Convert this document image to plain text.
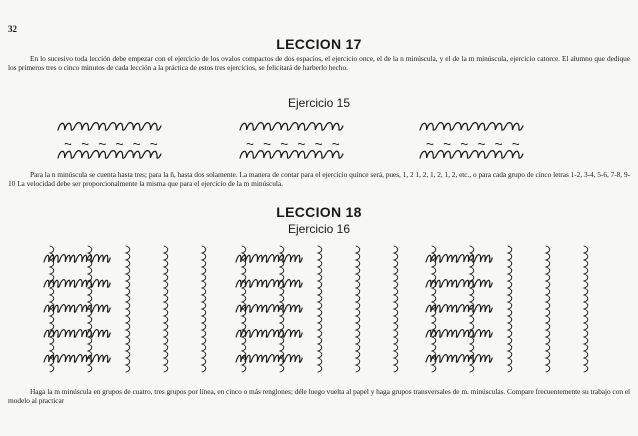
32
LECCION 17
En lo sucesivo toda lección debe empezar con el ejercicio de los ovalos compactos de dos espacios, el ejercicio once, el de la n minúscula, y el de la m minúscula, ejercicio catorce. El alumno que dedique los primeros tres o cinco minutos de cada lección a la práctica de estos tres ejercicios, se felicitará de harberlo hecho.
Ejercicio 15
Para la n minúscula se cuenta hasta tres; para la ñ, hasta dos solamente. La manera de contar para el ejercicio quince será, pues, 1, 2 1, 2, 1, 2, 1, 2, etc., o para cada grupo de cinco letras 1-2, 3-4, 5-6, 7-8, 9-10 La velocidad debe ser proporcionalmente la misma que para el ejercicio de la m minúscula.
LECCION 18
Ejercicio 16
Haga la m minúscula en grupos de cuatro, tres grupos por línea, en cinco o más renglones; déle luego vuelta al papel y haga grupos transversales de m. minúsculas. Compare frecuentemente su trabajo con el modelo al practicar
